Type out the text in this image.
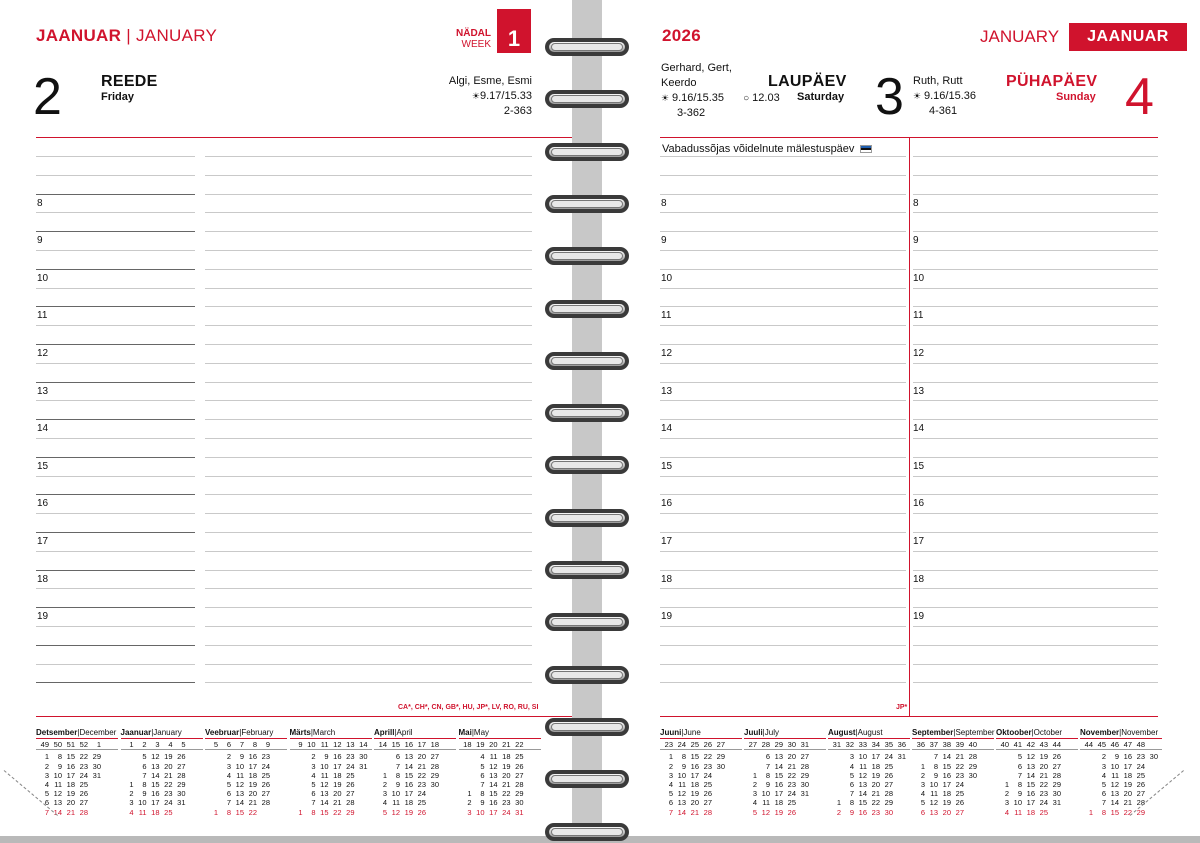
JAANUAR | JANUARY	NÄDAL
WEEK 1
2 REEDE
Friday
Algi, Esme, Esmi
☀9.17/15.33
2-363
8
9
10
11
12
13
14
15
16
17
18
19
CA*, CH*, CN, GB*, HU, JP*, LV, RO, RU, SI
Detsember|December
49 50 51 52	1
1	8 15 22 29
2	9 16 23 30
3 10 17 24 31
4 11 18 25
5 12 19 26
6 13 20 27
7 14 21 28
Jaanuar|January
1	2	3	4	5
5 12 19 26
6 13 20 27
7 14 21 28
1	8 15 22 29
2	9 16 23 30
3 10 17 24 31
4 11 18 25
Veebruar|February
5	6	7	8	9
2	9 16 23
3 10 17 24
4 11 18 25
5 12 19 26
6 13 20 27
7 14 21 28
1	8 15 22
Märts|March
9 10 11 12 13 14
2	9 16 23 30
3 10 17 24 31
4 11 18 25
5 12 19 26
6 13 20 27
7 14 21 28
1	8 15 22 29
Aprill|April
14 15 16 17 18
6 13 20 27
7 14 21 28
1	8 15 22 29
2	9 16 23 30
3 10 17 24
4 11 18 25
5 12 19 26
Mai|May
18 19 20 21 22
4 11 18 25
5 12 19 26
6 13 20 27
7 14 21 28
1	8 15 22 29
2	9 16 23 30
3 10 17 24 31
2026	JANUARY	JAANUAR
Gerhard, Gert,
Keerdo
☀ 9.16/15.35 ○ 12.03
3-362
LAUPÄEV
Saturday 3 Ruth, Rutt
☀ 9.16/15.36
4-361
PÜHAPÄEV
Sunday 4
Vabadussõjas võidelnute mälestuspäev
8	8
9	9
10	10
11	11
12	12
13	13
14	14
15	15
16	16
17	17
18	18
19	19
JP*
Juuni|June
23 24 25 26 27
1	8 15 22 29
2	9 16 23 30
3 10 17 24
4 11 18 25
5 12 19 26
6 13 20 27
7 14 21 28
Juuli|July
27 28 29 30 31
6 13 20 27
7 14 21 28
1	8 15 22 29
2	9 16 23 30
3 10 17 24 31
4 11 18 25
5 12 19 26
August|August
31 32 33 34 35 36
3 10 17 24 31
4 11 18 25
5 12 19 26
6 13 20 27
7 14 21 28
1	8 15 22 29
2	9 16 23 30
September|September
36 37 38 39 40
7 14 21 28
1	8 15 22 29
2	9 16 23 30
3 10 17 24
4 11 18 25
5 12 19 26
6 13 20 27
Oktoober|October
40 41 42 43 44
5 12 19 26
6 13 20 27
7 14 21 28
1	8 15 22 29
2	9 16 23 30
3 10 17 24 31
4 11 18 25
November|November
44 45 46 47 48
2	9 16 23 30
3 10 17 24
4 11 18 25
5 12 19 26
6 13 20 27
7 14 21 28
1	8 15 22 29
